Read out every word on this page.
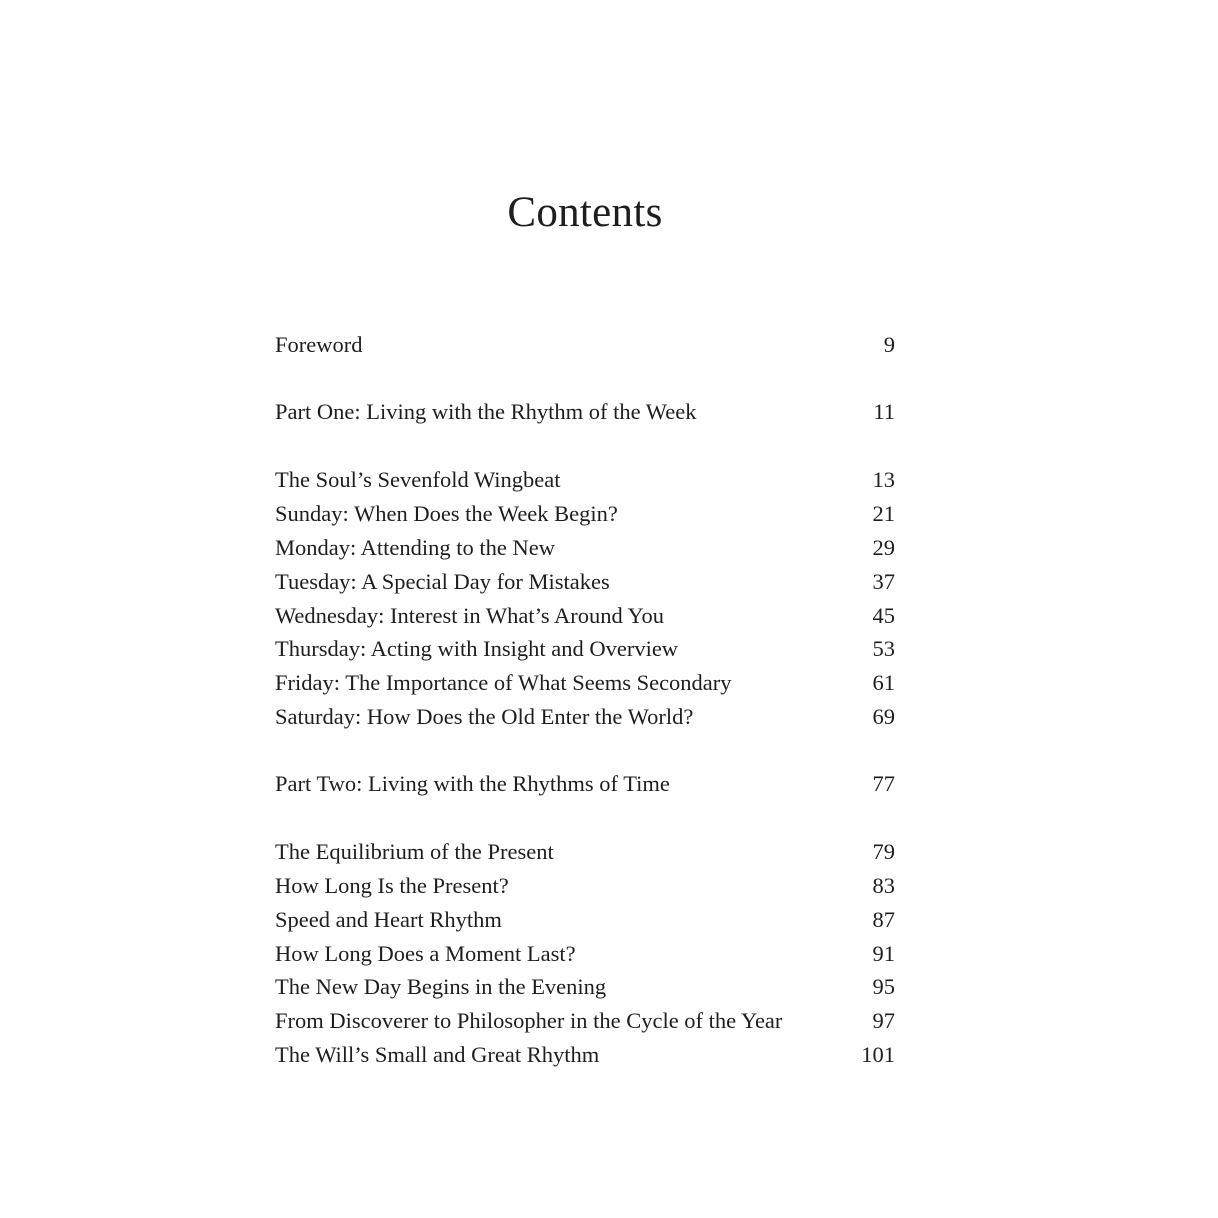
Contents
Foreword	9
Part One: Living with the Rhythm of the Week	11
The Soul’s Sevenfold Wingbeat	13
Sunday: When Does the Week Begin?	21
Monday: Attending to the New	29
Tuesday: A Special Day for Mistakes	37
Wednesday: Interest in What’s Around You	45
Thursday: Acting with Insight and Overview	53
Friday: The Importance of What Seems Secondary	61
Saturday: How Does the Old Enter the World?	69
Part Two: Living with the Rhythms of Time	77
The Equilibrium of the Present	79
How Long Is the Present?	83
Speed and Heart Rhythm	87
How Long Does a Moment Last?	91
The New Day Begins in the Evening	95
From Discoverer to Philosopher in the Cycle of the Year	97
The Will’s Small and Great Rhythm	101
